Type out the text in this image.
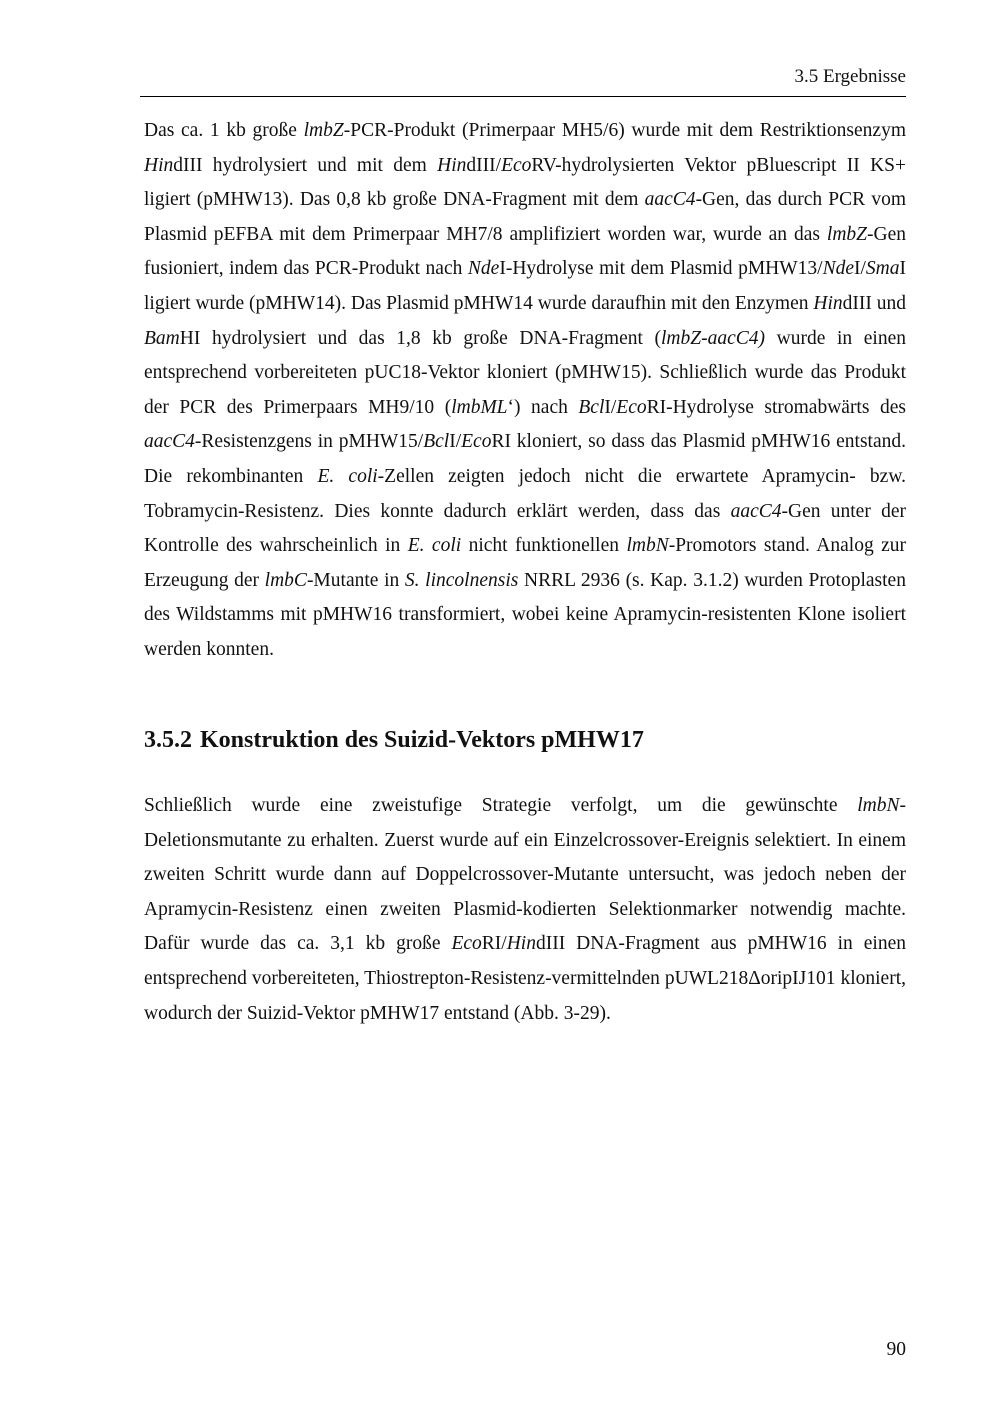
3.5 Ergebnisse

Das ca. 1 kb große lmbZ-PCR-Produkt (Primerpaar MH5/6) wurde mit dem Restriktionsenzym HindIII hydrolysiert und mit dem HindIII/EcoRV-hydrolysierten Vektor pBluescript II KS+ ligiert (pMHW13). Das 0,8 kb große DNA-Fragment mit dem aacC4-Gen, das durch PCR vom Plasmid pEFBA mit dem Primerpaar MH7/8 amplifiziert worden war, wurde an das lmbZ-Gen fusioniert, indem das PCR-Produkt nach NdeI-Hydrolyse mit dem Plasmid pMHW13/NdeI/SmaI ligiert wurde (pMHW14). Das Plasmid pMHW14 wurde daraufhin mit den Enzymen HindIII und BamHI hydrolysiert und das 1,8 kb große DNA-Fragment (lmbZ-aacC4) wurde in einen entsprechend vorbereiteten pUC18-Vektor kloniert (pMHW15). Schließlich wurde das Produkt der PCR des Primerpaars MH9/10 (lmbML‘) nach BclI/EcoRI-Hydrolyse stromabwärts des aacC4-Resistenzgens in pMHW15/BclI/EcoRI kloniert, so dass das Plasmid pMHW16 entstand. Die rekombinanten E. coli-Zellen zeigten jedoch nicht die erwartete Apramycin- bzw. Tobramycin-Resistenz. Dies konnte dadurch erklärt werden, dass das aacC4-Gen unter der Kontrolle des wahrscheinlich in E. coli nicht funktionellen lmbN-Promotors stand. Analog zur Erzeugung der lmbC-Mutante in S. lincolnensis NRRL 2936 (s. Kap. 3.1.2) wurden Protoplasten des Wildstamms mit pMHW16 transformiert, wobei keine Apramycin-resistenten Klone isoliert werden konnten.

3.5.2 Konstruktion des Suizid-Vektors pMHW17

Schließlich wurde eine zweistufige Strategie verfolgt, um die gewünschte lmbN-Deletionsmutante zu erhalten. Zuerst wurde auf ein Einzelcrossover-Ereignis selektiert. In einem zweiten Schritt wurde dann auf Doppelcrossover-Mutante untersucht, was jedoch neben der Apramycin-Resistenz einen zweiten Plasmid-kodierten Selektionmarker notwendig machte. Dafür wurde das ca. 3,1 kb große EcoRI/HindIII DNA-Fragment aus pMHW16 in einen entsprechend vorbereiteten, Thiostrepton-Resistenz-vermittelnden pUWL218ΔoripIJ101 kloniert, wodurch der Suizid-Vektor pMHW17 entstand (Abb. 3-29).

90
